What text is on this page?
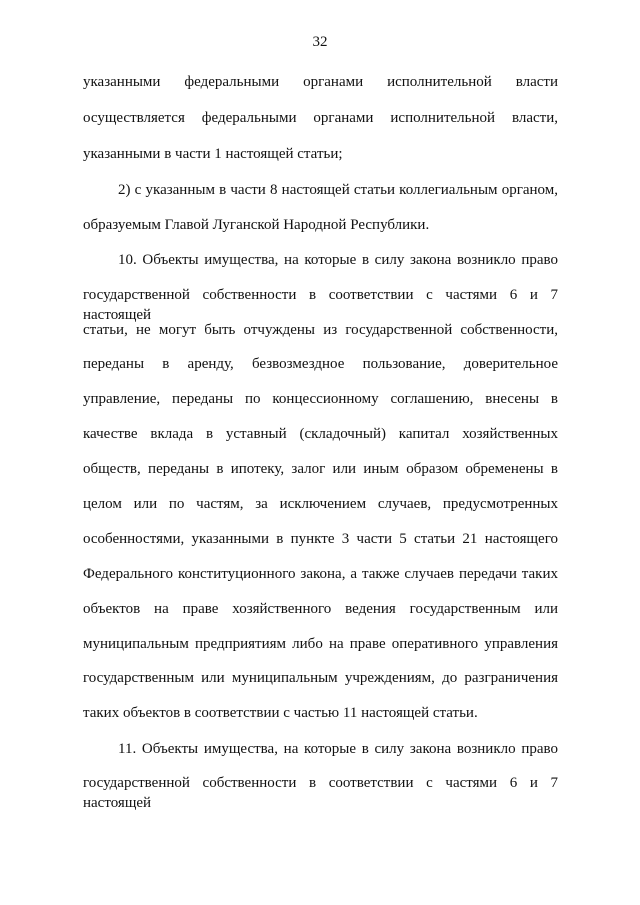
32
указанными федеральными органами исполнительной власти
осуществляется федеральными органами исполнительной власти,
указанными в части 1 настоящей статьи;
2) с указанным в части 8 настоящей статьи коллегиальным органом,
образуемым Главой Луганской Народной Республики.
10. Объекты имущества, на которые в силу закона возникло право
государственной собственности в соответствии с частями 6 и 7 настоящей
статьи, не могут быть отчуждены из государственной собственности,
переданы в аренду, безвозмездное пользование, доверительное
управление, переданы по концессионному соглашению, внесены в
качестве вклада в уставный (складочный) капитал хозяйственных
обществ, переданы в ипотеку, залог или иным образом обременены в
целом или по частям, за исключением случаев, предусмотренных
особенностями, указанными в пункте 3 части 5 статьи 21 настоящего
Федерального конституционного закона, а также случаев передачи таких
объектов на праве хозяйственного ведения государственным или
муниципальным предприятиям либо на праве оперативного управления
государственным или муниципальным учреждениям, до разграничения
таких объектов в соответствии с частью 11 настоящей статьи.
11. Объекты имущества, на которые в силу закона возникло право
государственной собственности в соответствии с частями 6 и 7 настоящей
